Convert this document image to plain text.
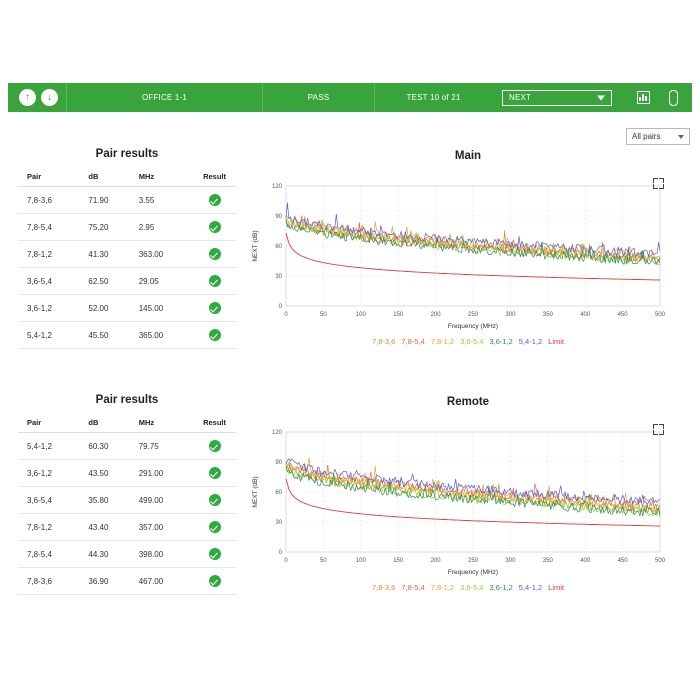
↑	↓	OFFICE 1-1	PASS	TEST 10 of 21	NEXT
All pairs
Pair results
Pair	dB	MHz	Result
7,8-3,6	71.90	3.55	
7,8-5,4	75.20	2.95	
7,8-1,2	41.30	363.00	
3,6-5,4	62.50	29.05	
3,6-1,2	52.00	145.00	
5,4-1,2	45.50	365.00	
Pair results
Pair	dB	MHz	Result
5,4-1,2	60.30	79.75	
3,6-1,2	43.50	291.00	
3,6-5,4	35.80	499.00	
7,8-1,2	43.40	357.00	
7,8-5,4	44.30	398.00	
7,8-3,6	36.90	467.00	
Main
0	50	100	150	200	250	300	350	400	450	500
0
30
60
90
120
Frequency (MHz)
NEXT (dB)
7,8-3,6 7,8-5,4 7,8-1,2 3,6-5,4 3,6-1,2 5,4-1,2 Limit
Remote
0	50	100	150	200	250	300	350	400	450	500
0
30
60
90
120
Frequency (MHz)
NEXT (dB)
7,8-3,6 7,8-5,4 7,8-1,2 3,6-5,4 3,6-1,2 5,4-1,2 Limit
